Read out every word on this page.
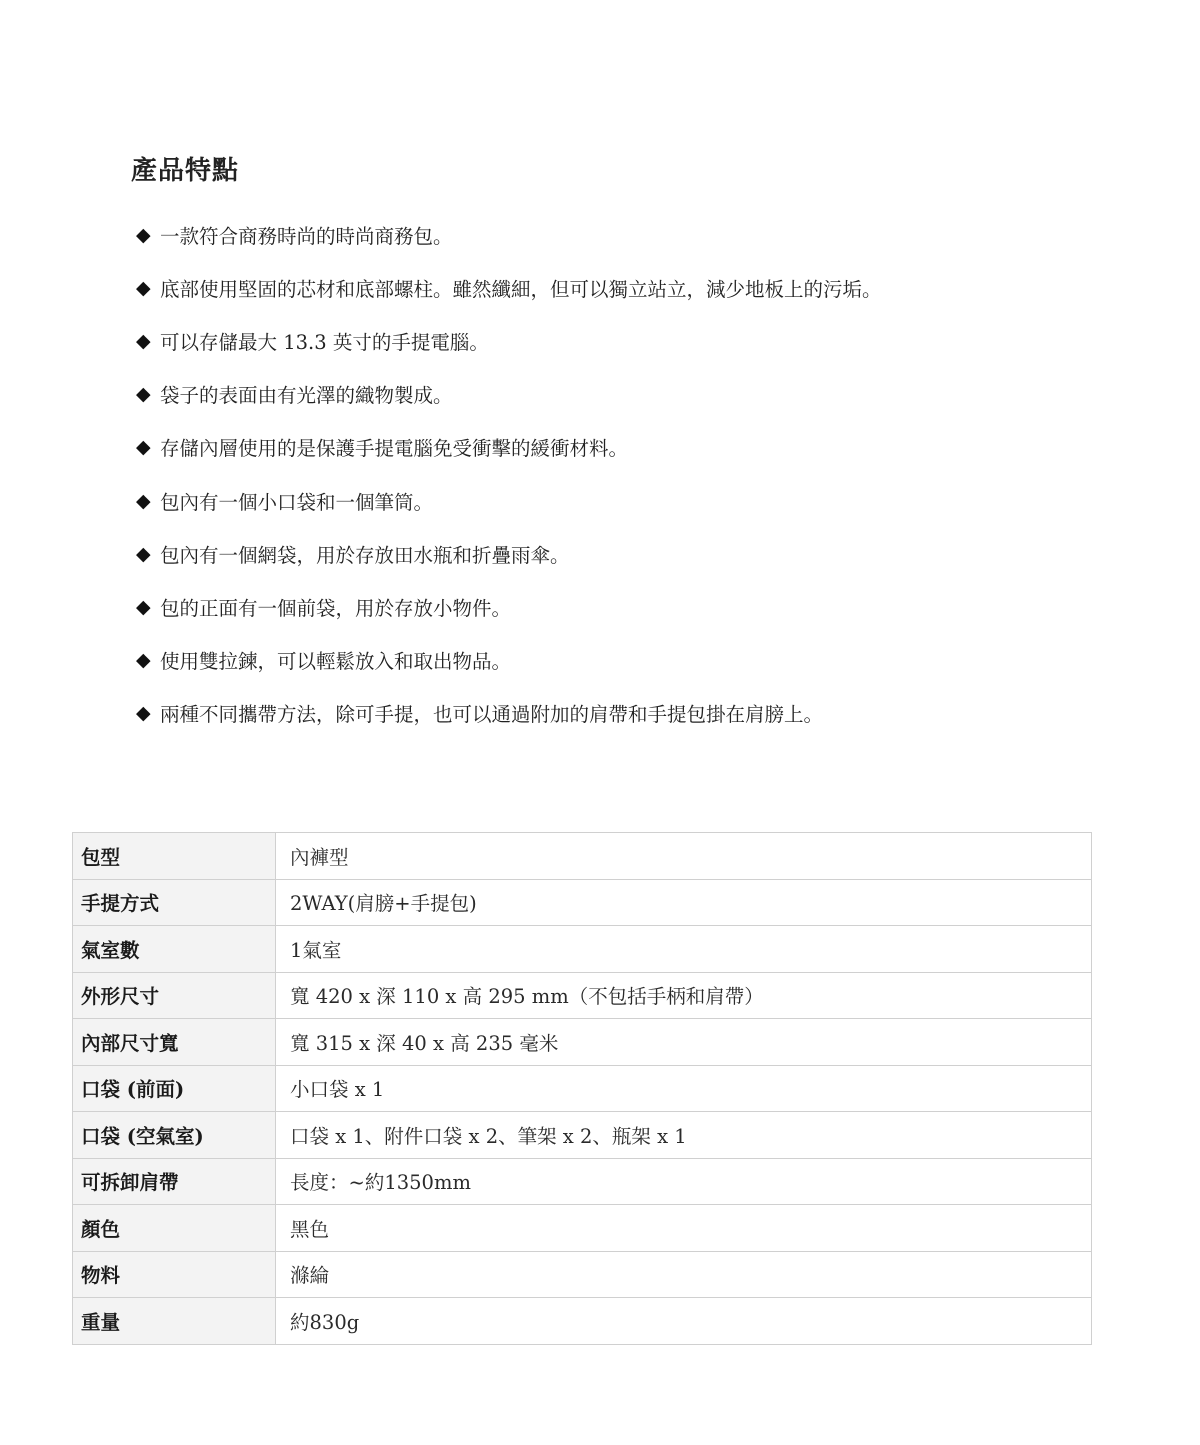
產品特點
◆ 一款符合商務時尚的時尚商務包。
◆ 底部使用堅固的芯材和底部螺柱。雖然纖細，但可以獨立站立，減少地板上的污垢。
◆ 可以存儲最大 13.3 英寸的手提電腦。
◆ 袋子的表面由有光澤的織物製成。
◆ 存儲內層使用的是保護手提電腦免受衝擊的緩衝材料。
◆ 包內有一個小口袋和一個筆筒。
◆ 包內有一個網袋，用於存放田水瓶和折疊雨傘。
◆ 包的正面有一個前袋，用於存放小物件。
◆ 使用雙拉鍊，可以輕鬆放入和取出物品。
◆ 兩種不同攜帶方法，除可手提，也可以通過附加的肩帶和手提包掛在肩膀上。
包型	內褲型
手提方式	2WAY(肩膀+手提包)
氣室數	1氣室
外形尺寸	寬 420 x 深 110 x 高 295 mm（不包括手柄和肩帶）
內部尺寸寬	寬 315 x 深 40 x 高 235 毫米
口袋 (前面)	小口袋 x 1
口袋 (空氣室)	口袋 x 1、附件口袋 x 2、筆架 x 2、瓶架 x 1
可拆卸肩帶	長度：~約1350mm
顏色	黑色
物料	滌綸
重量	約830g
